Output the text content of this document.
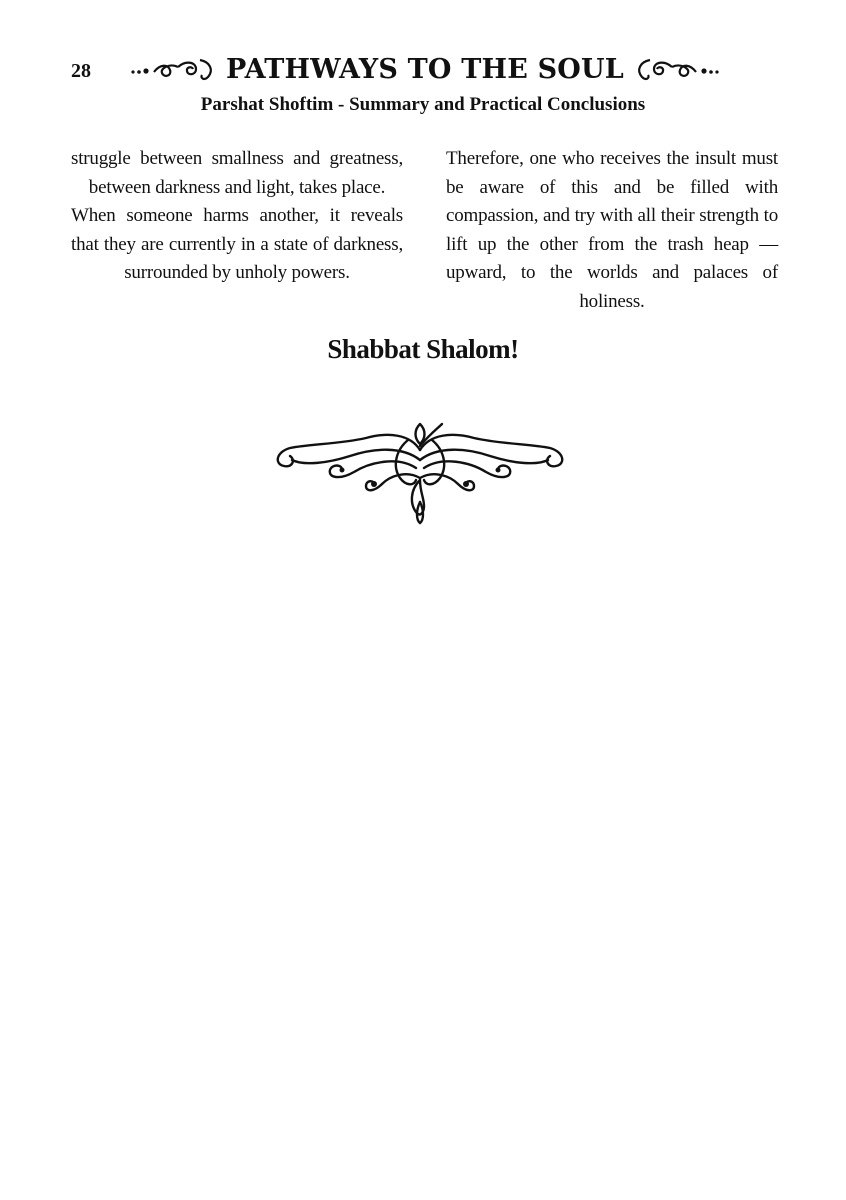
28	PATHWAYS TO THE SOUL
Parshat Shoftim - Summary and Practical Conclusions

struggle between smallness and greatness, between darkness and light, takes place.

When someone harms another, it reveals that they are currently in a state of darkness, surrounded by unholy powers.

Therefore, one who receives the insult must be aware of this and be filled with compassion, and try with all their strength to lift up the other from the trash heap — upward, to the worlds and palaces of holiness.

Shabbat Shalom!
